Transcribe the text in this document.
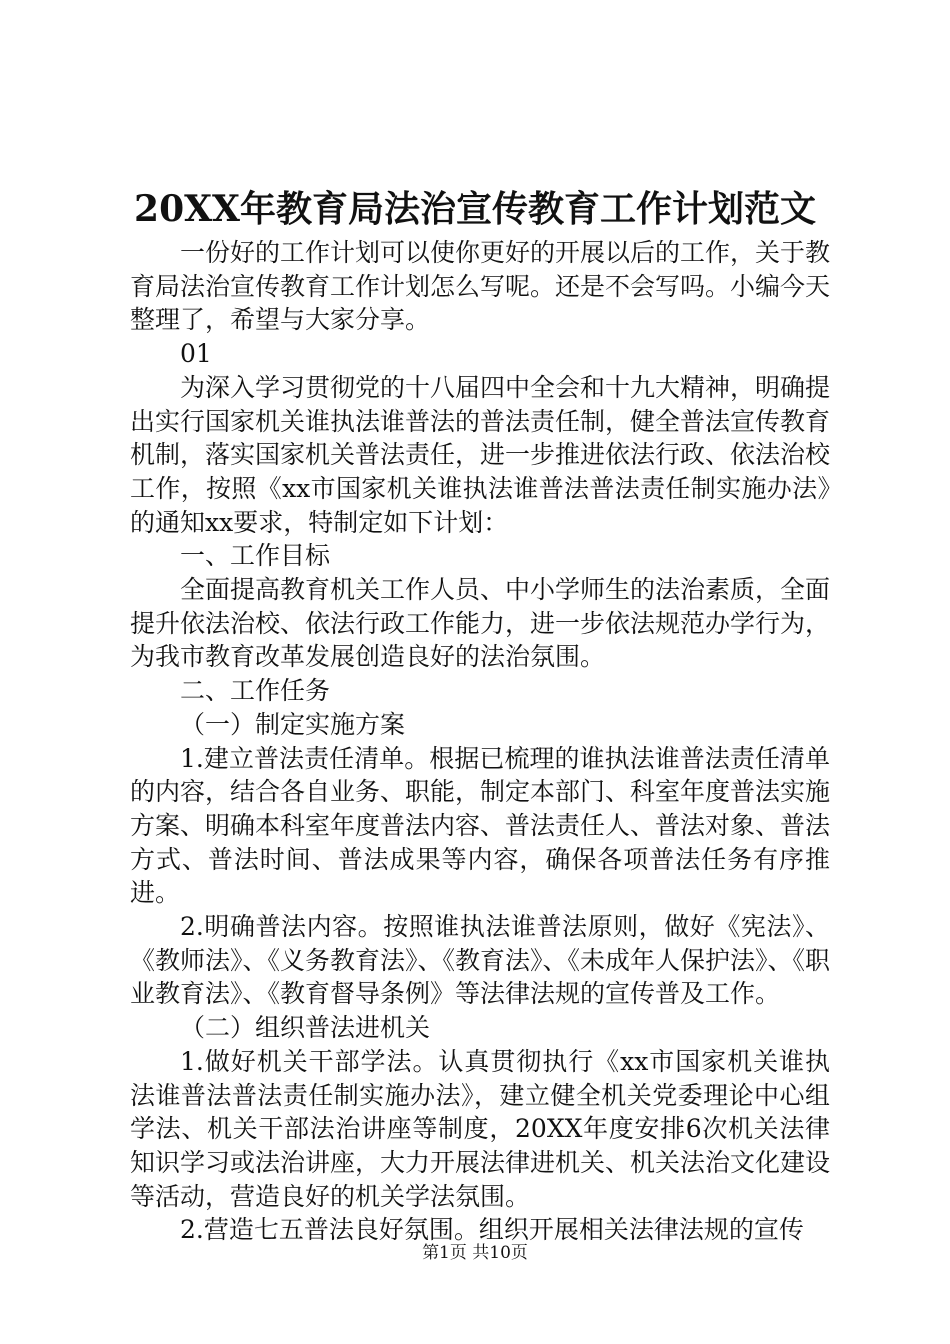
20XX年教育局法治宣传教育工作计划范文

一份好的工作计划可以使你更好的开展以后的工作，关于教育局法治宣传教育工作计划怎么写呢。还是不会写吗。小编今天整理了，希望与大家分享。

01

为深入学习贯彻党的十八届四中全会和十九大精神，明确提出实行国家机关谁执法谁普法的普法责任制，健全普法宣传教育机制，落实国家机关普法责任，进一步推进依法行政、依法治校工作，按照《xx市国家机关谁执法谁普法普法责任制实施办法》的通知xx要求，特制定如下计划：

一、工作目标

全面提高教育机关工作人员、中小学师生的法治素质，全面提升依法治校、依法行政工作能力，进一步依法规范办学行为，为我市教育改革发展创造良好的法治氛围。

二、工作任务

（一）制定实施方案

1.建立普法责任清单。根据已梳理的谁执法谁普法责任清单的内容，结合各自业务、职能，制定本部门、科室年度普法实施方案、明确本科室年度普法内容、普法责任人、普法对象、普法方式、普法时间、普法成果等内容，确保各项普法任务有序推进。

2.明确普法内容。按照谁执法谁普法原则，做好《宪法》、《教师法》、《义务教育法》、《教育法》、《未成年人保护法》、《职业教育法》、《教育督导条例》等法律法规的宣传普及工作。

（二）组织普法进机关

1.做好机关干部学法。认真贯彻执行《xx市国家机关谁执法谁普法普法责任制实施办法》，建立健全机关党委理论中心组学法、机关干部法治讲座等制度，20XX年度安排6次机关法律知识学习或法治讲座，大力开展法律进机关、机关法治文化建设等活动，营造良好的机关学法氛围。

2.营造七五普法良好氛围。组织开展相关法律法规的宣传

第1页 共10页
